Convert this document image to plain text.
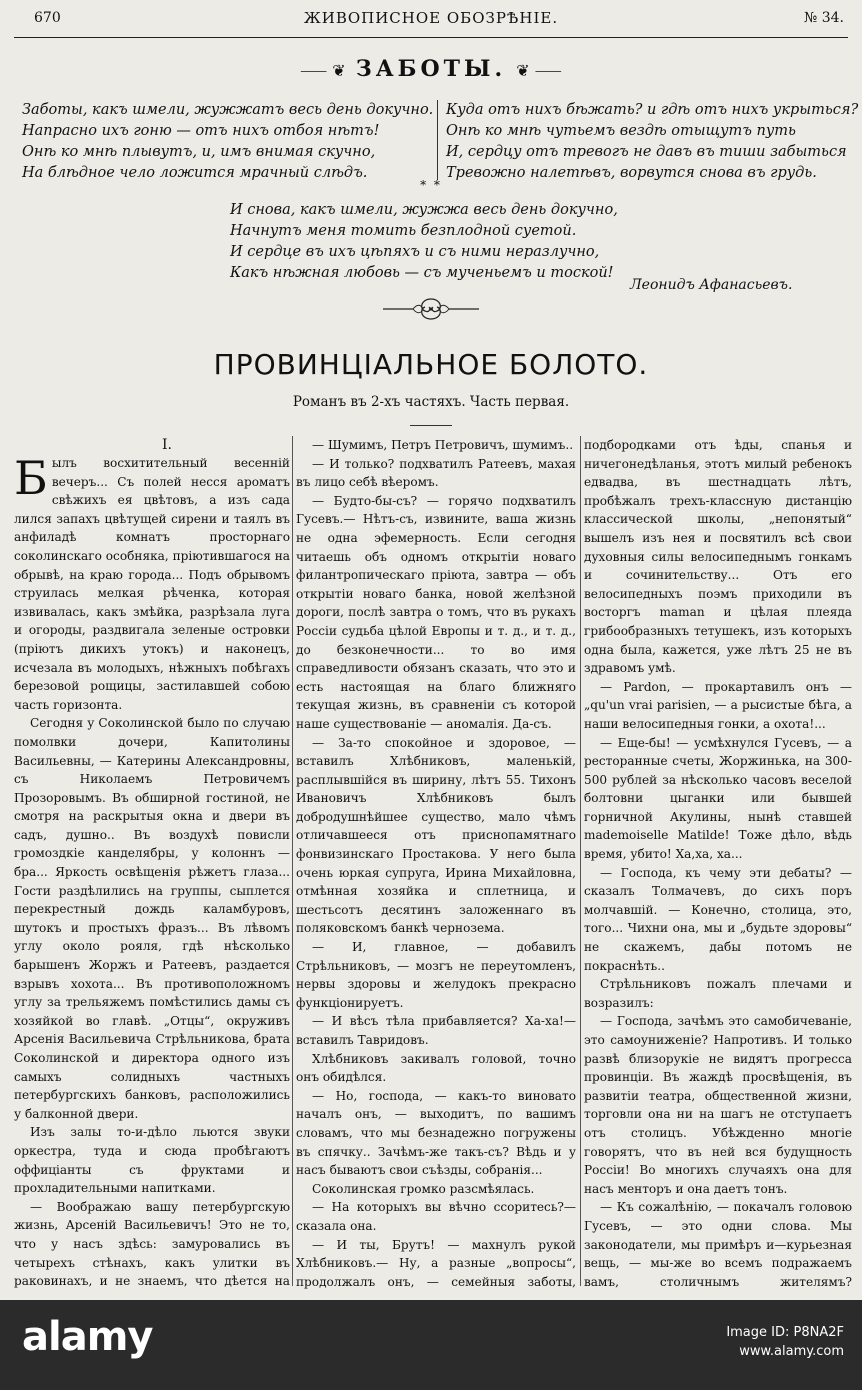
670	ЖИВОПИСНОЕ ОБОЗРѢНІЕ.	№ 34.
⸺ ❦  ЗАБОТЫ.  ❦ ⸺
Заботы, какъ шмели, жужжатъ весь день докучно.
Напрасно ихъ гоню — отъ нихъ отбоя нѣтъ!
Онѣ ко мнѣ плывутъ, и, имъ внимая скучно,
На блѣдное чело ложится мрачный слѣдъ.
Куда отъ нихъ бѣжать? и гдѣ отъ нихъ укрыться?
Онѣ ко мнѣ чутьемъ вездѣ отыщутъ путь
И, сердцу отъ тревогъ не давъ въ тиши забыться
Тревожно налетѣвъ, ворвутся снова въ грудь.
* *
И снова, какъ шмели, жужжа весь день докучно,
Начнутъ меня томить безплодной суетой.
И сердце въ ихъ цѣпяхъ и съ ними неразлучно,
Какъ нѣжная любовь — съ мученьемъ и тоской!
Леонидъ Афанасьевъ.
ПРОВИНЦІАЛЬНОЕ БОЛОТО.
Романъ въ 2-хъ частяхъ. Часть первая.
I.

Былъ восхитительный весенній вечеръ... Съ полей несся ароматъ свѣжихъ ея цвѣтовъ, а изъ сада лился запахъ цвѣтущей сирени и таялъ въ анфиладѣ комнатъ просторнаго соколинскаго особняка, пріютившагося на обрывѣ, на краю города... Подъ обрывомъ струилась мелкая рѣченка, которая извивалась, какъ змѣйка, разрѣзала луга и огороды, раздвигала зеленые островки (пріютъ дикихъ утокъ) и наконецъ, исчезала въ молодыхъ, нѣжныхъ побѣгахъ березовой рощицы, застилавшей собою часть горизонта.

Сегодня у Соколинской было по случаю помолвки дочери, Капитолины Васильевны, — Катерины Александровны, съ Николаемъ Петровичемъ Прозоровымъ. Въ обширной гостиной, не смотря на раскрытыя окна и двери въ садъ, душно.. Въ воздухѣ повисли громоздкіе канделябры, у колоннъ — бра... Яркость освѣщенія рѣжетъ глаза... Гости раздѣлились на группы, сыплется перекрестный дождь каламбуровъ, шутокъ и простыхъ фразъ... Въ лѣвомъ углу около рояля, гдѣ нѣсколько барышенъ Жоржъ и Ратеевъ, раздается взрывъ хохота... Въ противоположномъ углу за трельяжемъ помѣстились дамы съ хозяйкой во главѣ. „Отцы“, окруживъ Арсенія Васильевича Стрѣльникова, брата Соколинской и директора одного изъ самыхъ солидныхъ частныхъ петербургскихъ банковъ, расположились у балконной двери.

Изъ залы то-и-дѣло льются звуки оркестра, туда и сюда пробѣгаютъ оффиціанты съ фруктами и прохладительными напитками.

— Воображаю вашу петербургскую жизнь, Арсеній Васильевичъ! Это не то, что у насъ здѣсь: замуровались въ четырехъ стѣнахъ, какъ улитки въ раковинахъ, и не знаемъ, что дѣется на

— Шумимъ, Петръ Петровичъ, шумимъ..

— И только? подхватилъ Ратеевъ, махая въ лицо себѣ вѣеромъ.

— Будто-бы-съ? — горячо подхватилъ Гусевъ.— Нѣтъ-съ, извините, ваша жизнь не одна эфемерность. Если сегодня читаешь объ одномъ открытіи новаго филантропическаго пріюта, завтра — объ открытіи новаго банка, новой желѣзной дороги, послѣ завтра о томъ, что въ рукахъ Россіи судьба цѣлой Европы и т. д., и т. д., до безконечности... то во имя справедливости обязанъ сказать, что это и есть настоящая на благо ближняго текущая жизнь, въ сравненіи съ которой наше существованіе — аномалія. Да-съ.

— За-то спокойное и здоровое, — вставилъ Хлѣбниковъ, маленькій, расплывшійся въ ширину, лѣтъ 55. Тихонъ Ивановичъ Хлѣбниковъ былъ добродушнѣйшее существо, мало чѣмъ отличавшееся отъ приснопамятнаго фонвизинскаго Простакова. У него была очень юркая супруга, Ирина Михайловна, отмѣнная хозяйка и сплетница, и шестьсотъ десятинъ заложеннаго въ поляковскомъ банкѣ чернозема.

— И, главное, — добавилъ Стрѣльниковъ, — мозгъ не переутомленъ, нервы здоровы и желудокъ прекрасно функціонируетъ.

— И вѣсъ тѣла прибавляется? Ха-ха!— вставилъ Тавридовъ.

Хлѣбниковъ закивалъ головой, точно онъ обидѣлся.

— Но, господа, — какъ-то виновато началъ онъ, — выходитъ, по вашимъ словамъ, что мы безнадежно погружены въ спячку.. Зачѣмъ-же такъ-съ? Вѣдь и у насъ бываютъ свои съѣзды, собранія...

Соколинская громко разсмѣялась.

— На которыхъ вы вѣчно ссоритесь?— сказала она.

— И ты, Брутъ! — махнулъ рукой Хлѣбниковъ.— Ну, а разные „вопросы“, продолжалъ онъ, — семейныя заботы,

подбородками отъ ѣды, спанья и ничегонедѣланья, этотъ милый ребенокъ едвадва, въ шестнадцать лѣтъ, пробѣжалъ трехъ-классную дистанцію классической школы, „непонятый“ вышелъ изъ нея и посвятилъ всѣ свои духовныя силы велосипеднымъ гонкамъ и сочинительству... Отъ его велосипедныхъ поэмъ приходили въ восторгъ maman и цѣлая плеяда грибообразныхъ тетушекъ, изъ которыхъ одна была, кажется, уже лѣтъ 25 не въ здравомъ умѣ.

— Pardon, — прокартавилъ онъ — „qu'un vrai parisien, — а рысистые бѣга, а наши велосипедныя гонки, а охота!...

— Еще-бы! — усмѣхнулся Гусевъ, — а ресторанные счеты, Жоржинька, на 300-500 рублей за нѣсколько часовъ веселой болтовни цыганки или бывшей горничной Акулины, нынѣ ставшей mademoiselle Matilde! Тоже дѣло, вѣдь время, убито! Ха,ха, ха...

— Господа, къ чему эти дебаты? — сказалъ Толмачевъ, до сихъ поръ молчавшій. — Конечно, столица, это, того... Чихни она, мы и „будьте здоровы“ не скажемъ, дабы потомъ не покраснѣть..

Стрѣльниковъ пожалъ плечами и возразилъ:

— Господа, зачѣмъ это самобичеваніе, это самоуниженіе? Напротивъ. И только развѣ близорукіе не видятъ прогресса провинціи. Въ жаждѣ просвѣщенія, въ развитіи театра, общественной жизни, торговли она ни на шагъ не отступаетъ отъ столицъ. Убѣжденно многіе говорятъ, что въ ней вся будущность Россіи! Во многихъ случаяхъ она для насъ менторъ и она даетъ тонъ.

— Къ сожалѣнію, — покачалъ головою Гусевъ, — это одни слова. Мы законодатели, мы примѣръ и—курьезная вещь, — мы-же во всемъ подражаемъ вамъ, столичнымъ жителямъ?

alamy	Image ID: P8NA2F
www.alamy.com
